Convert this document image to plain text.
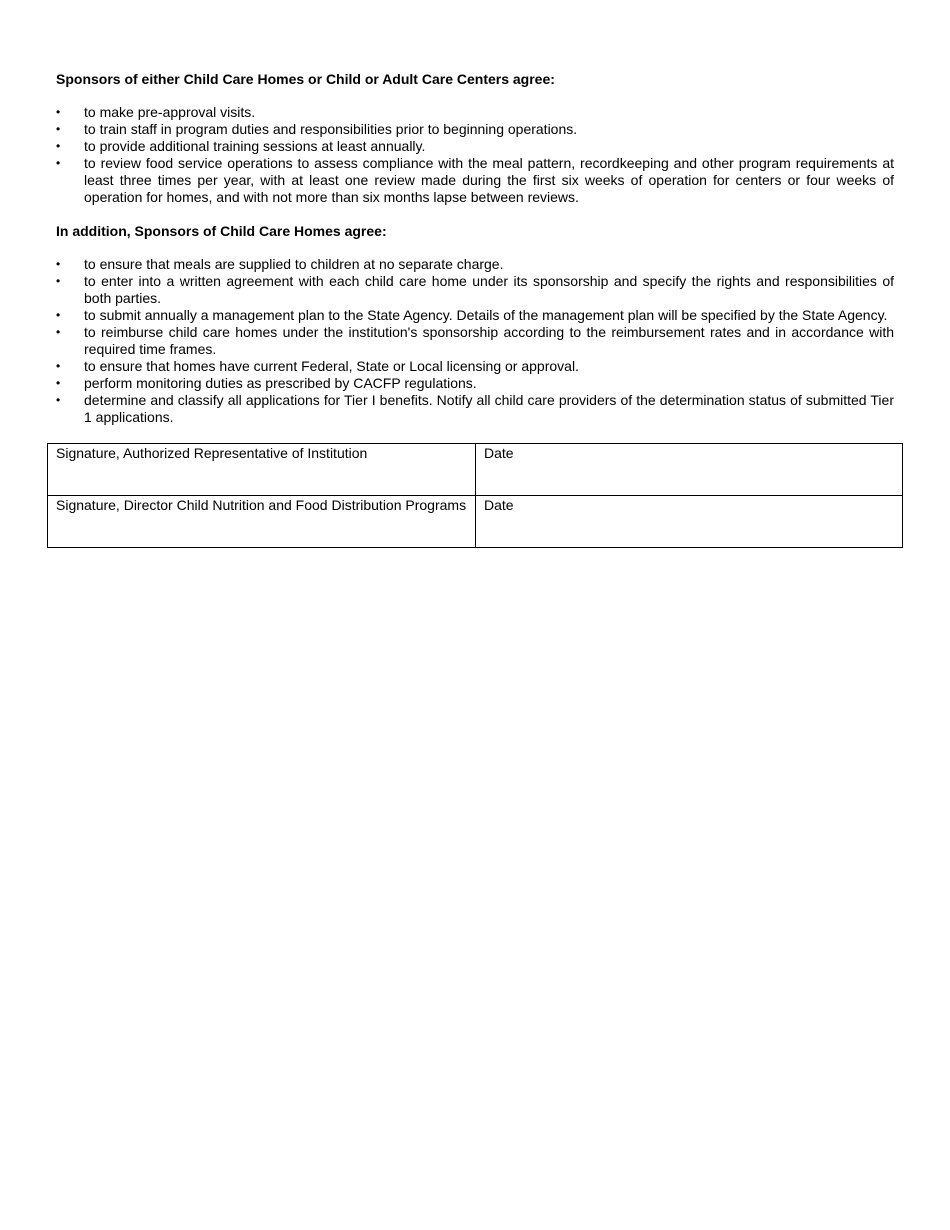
Sponsors of either Child Care Homes or Child or Adult Care Centers agree:

•	to make pre-approval visits.
•	to train staff in program duties and responsibilities prior to beginning operations.
•	to provide additional training sessions at least annually.
•	to review food service operations to assess compliance with the meal pattern, recordkeeping and other program requirements at least three times per year, with at least one review made during the first six weeks of operation for centers or four weeks of operation for homes, and with not more than six months lapse between reviews.

In addition, Sponsors of Child Care Homes agree:

•	to ensure that meals are supplied to children at no separate charge.
•	to enter into a written agreement with each child care home under its sponsorship and specify the rights and responsibilities of both parties.
•	to submit annually a management plan to the State Agency. Details of the management plan will be specified by the State Agency.
•	to reimburse child care homes under the institution's sponsorship according to the reimbursement rates and in accordance with required time frames.
•	to ensure that homes have current Federal, State or Local licensing or approval.
•	perform monitoring duties as prescribed by CACFP regulations.
•	determine and classify all applications for Tier I benefits. Notify all child care providers of the determination status of submitted Tier 1 applications.
Signature, Authorized Representative of Institution	Date
Signature, Director Child Nutrition and Food Distribution Programs	Date
